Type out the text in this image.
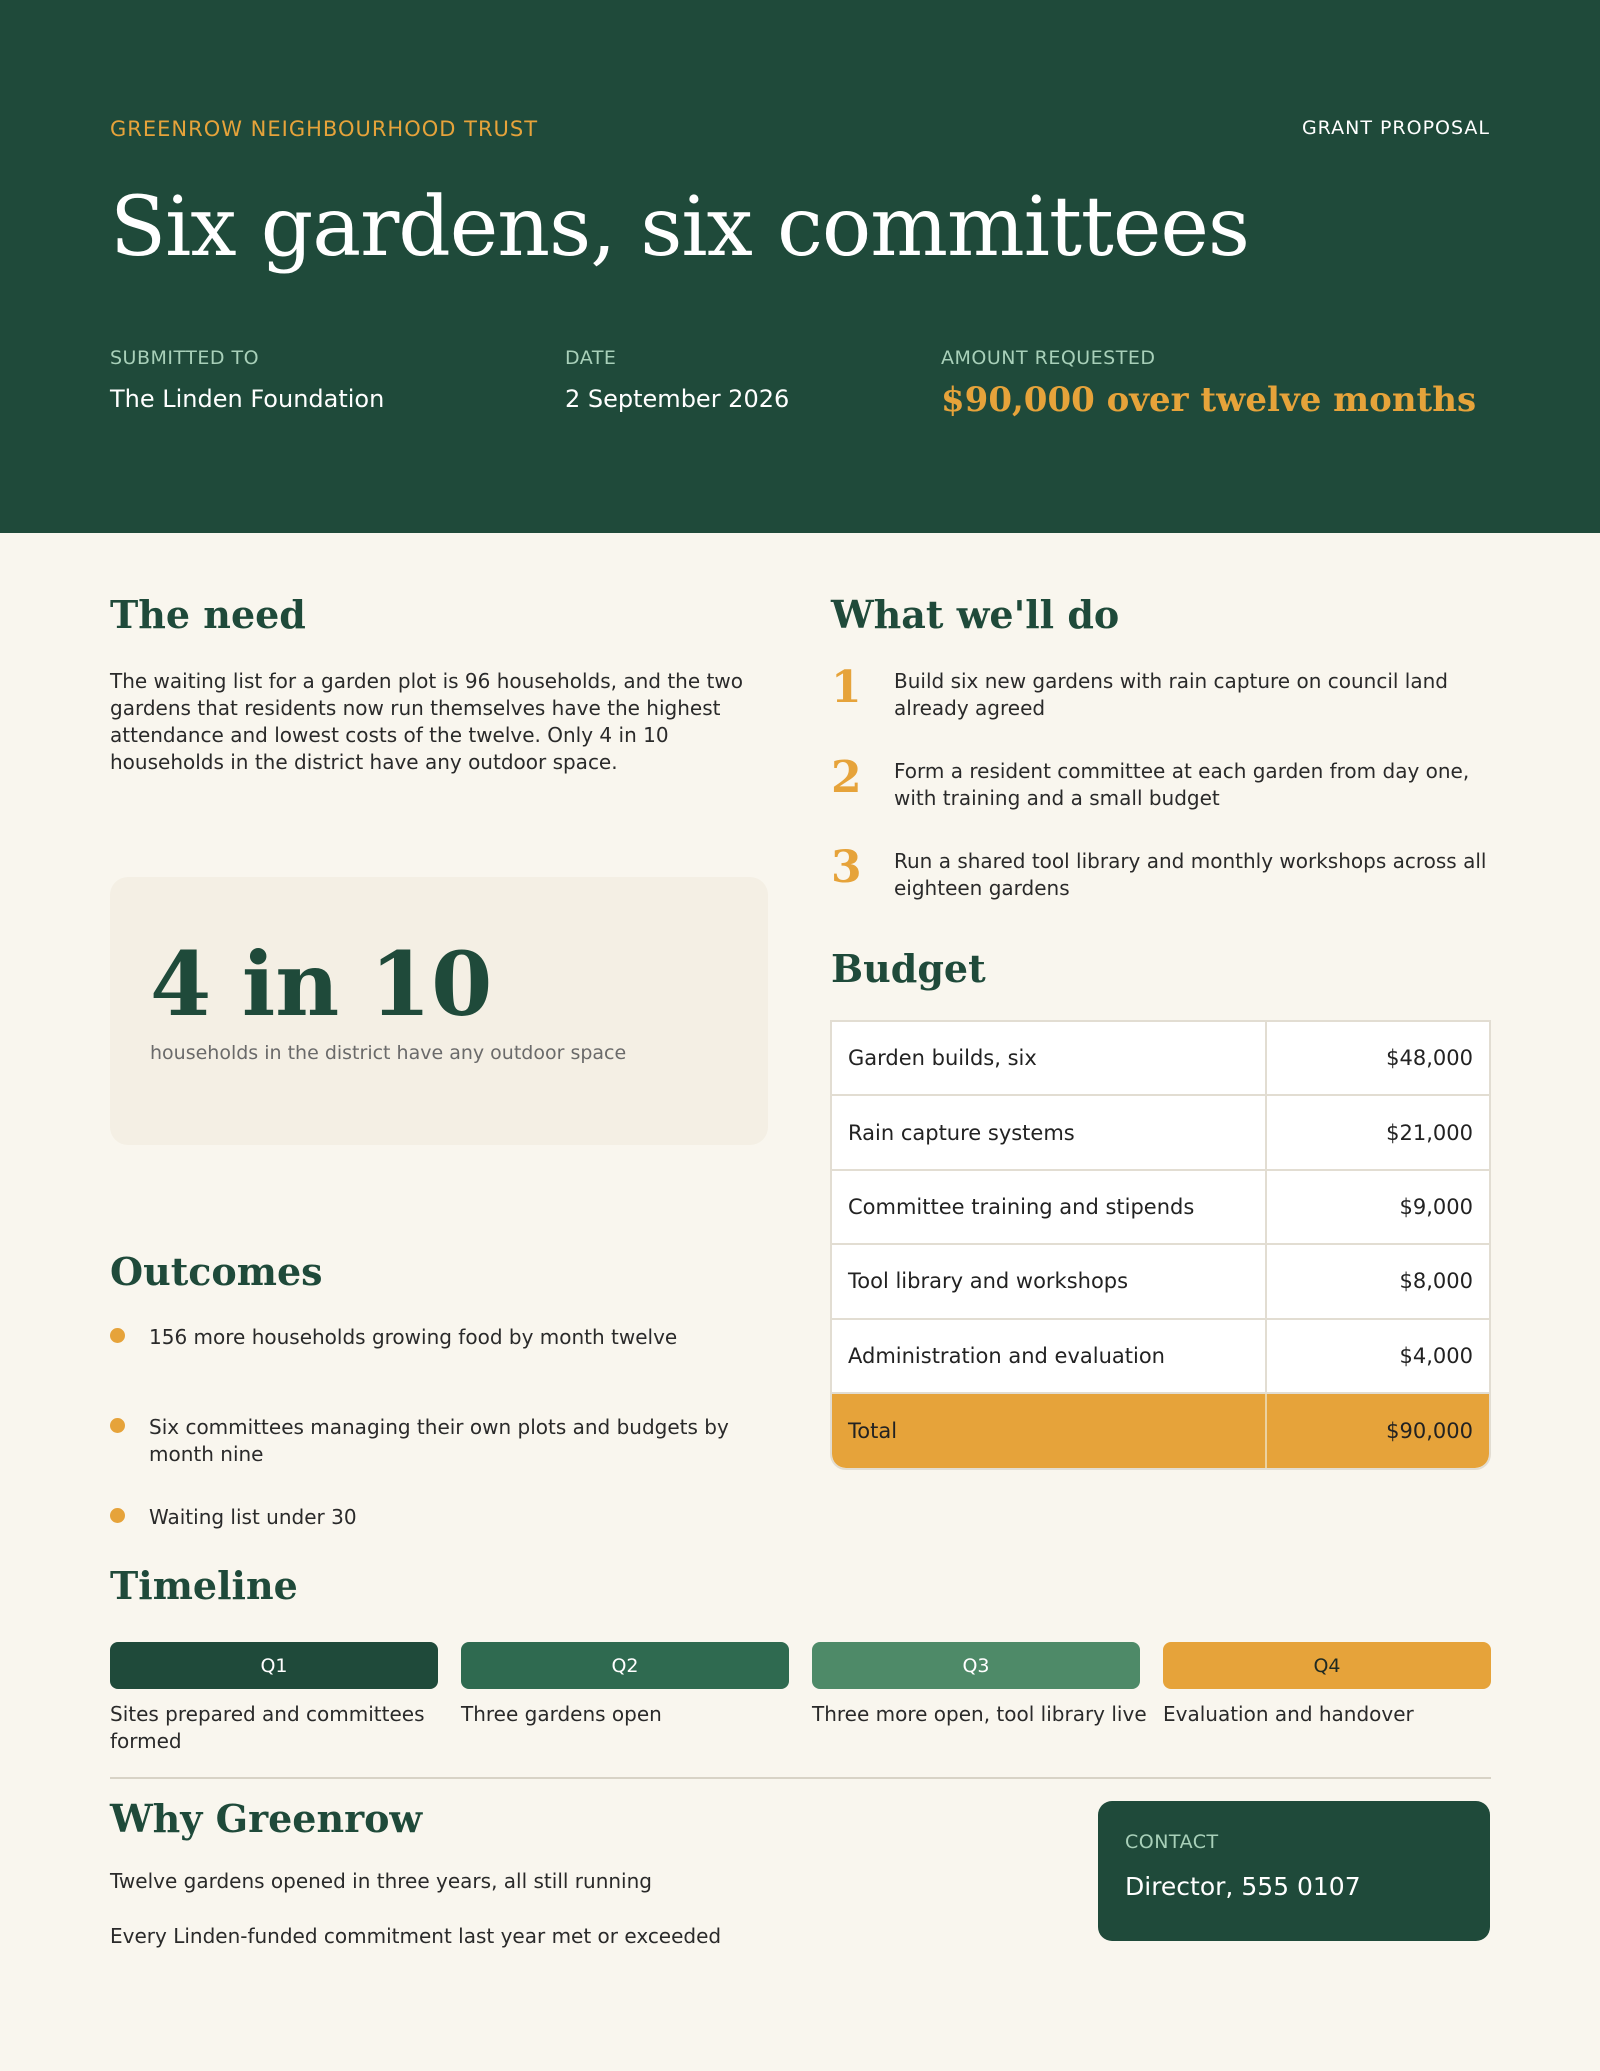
GREENROW NEIGHBOURHOOD TRUST	GRANT PROPOSAL
Six gardens, six committees
SUBMITTED TO
The Linden Foundation
DATE
2 September 2026
AMOUNT REQUESTED
$90,000 over twelve months
The need
The waiting list for a garden plot is 96 households, and the two gardens that residents now run themselves have the highest attendance and lowest costs of the twelve. Only 4 in 10 households in the district have any outdoor space.
4 in 10
households in the district have any outdoor space
What we'll do
1 Build six new gardens with rain capture on council land already agreed
2 Form a resident committee at each garden from day one, with training and a small budget
3 Run a shared tool library and monthly workshops across all eighteen gardens
Budget
Garden builds, six	$48,000
Rain capture systems	$21,000
Committee training and stipends	$9,000
Tool library and workshops	$8,000
Administration and evaluation	$4,000
Total	$90,000
Outcomes
156 more households growing food by month twelve
Six committees managing their own plots and budgets by month nine
Waiting list under 30
Timeline
Q1
Sites prepared and committees formed
Q2
Three gardens open
Q3
Three more open, tool library live
Q4
Evaluation and handover
Why Greenrow
Twelve gardens opened in three years, all still running
Every Linden-funded commitment last year met or exceeded
CONTACT
Director, 555 0107
